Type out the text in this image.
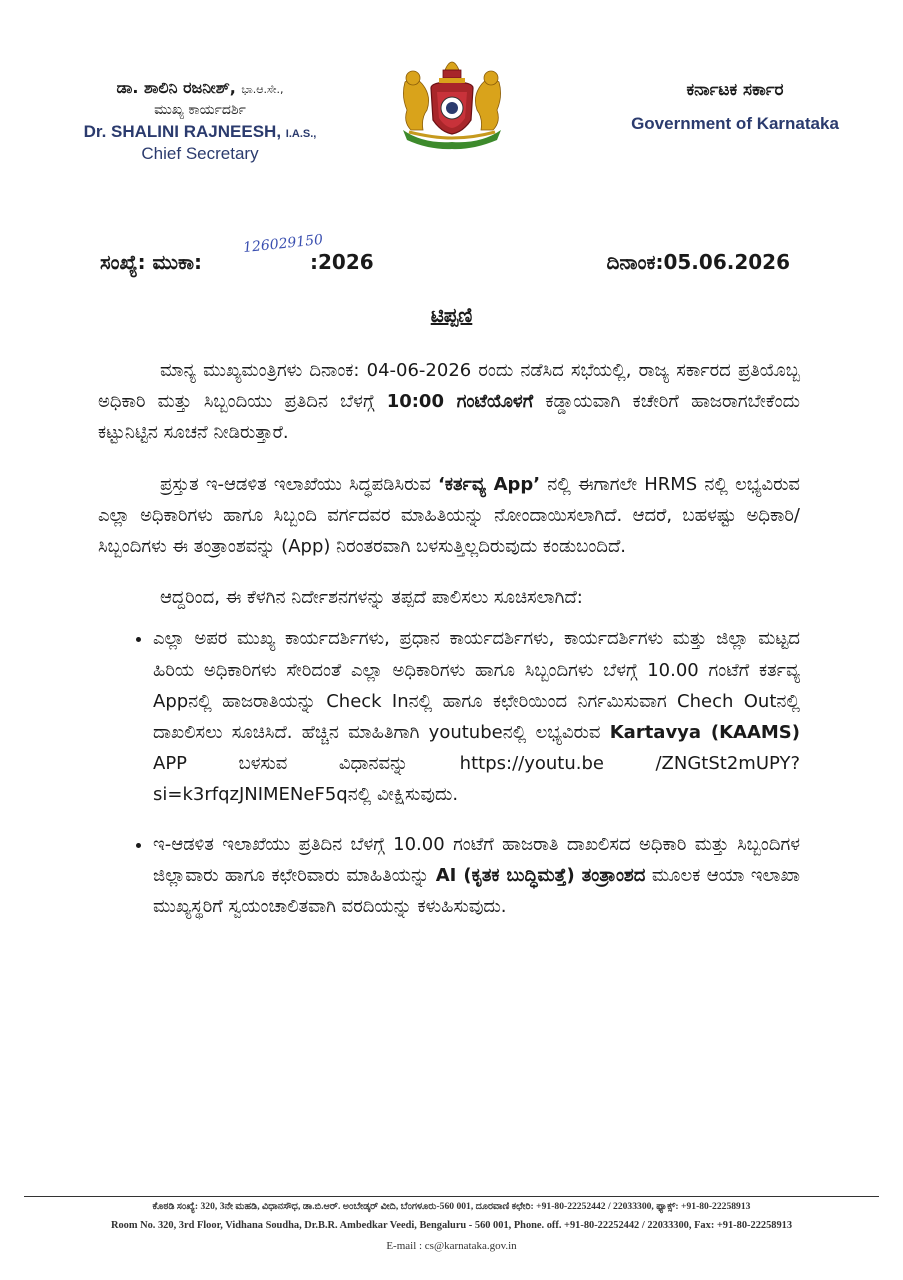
ಡಾ. ಶಾಲಿನಿ ರಜನೀಶ್, ಭಾ.ಆ.ಸೇ.,
ಮುಖ್ಯ ಕಾರ್ಯದರ್ಶಿ
Dr. SHALINI RAJNEESH, I.A.S.,
Chief Secretary
ಕರ್ನಾಟಕ ಸರ್ಕಾರ
Government of Karnataka
ಸಂಖ್ಯೆ: ಮುಕಾ:
126029150
:2026	ದಿನಾಂಕ:05.06.2026
ಟಿಪ್ಪಣಿ

ಮಾನ್ಯ ಮುಖ್ಯಮಂತ್ರಿಗಳು ದಿನಾಂಕ: 04-06-2026 ರಂದು ನಡೆಸಿದ ಸಭೆಯಲ್ಲಿ, ರಾಜ್ಯ ಸರ್ಕಾರದ ಪ್ರತಿಯೊಬ್ಬ ಅಧಿಕಾರಿ ಮತ್ತು ಸಿಬ್ಬಂದಿಯು ಪ್ರತಿದಿನ ಬೆಳಗ್ಗೆ 10:00 ಗಂಟೆಯೊಳಗೆ ಕಡ್ಡಾಯವಾಗಿ ಕಚೇರಿಗೆ ಹಾಜರಾಗಬೇಕೆಂದು ಕಟ್ಟುನಿಟ್ಟಿನ ಸೂಚನೆ ನೀಡಿರುತ್ತಾರೆ.

ಪ್ರಸ್ತುತ ಇ-ಆಡಳಿತ ಇಲಾಖೆಯು ಸಿದ್ಧಪಡಿಸಿರುವ ‘ಕರ್ತವ್ಯ App’ ನಲ್ಲಿ ಈಗಾಗಲೇ HRMS ನಲ್ಲಿ ಲಭ್ಯವಿರುವ ಎಲ್ಲಾ ಅಧಿಕಾರಿಗಳು ಹಾಗೂ ಸಿಬ್ಬಂದಿ ವರ್ಗದವರ ಮಾಹಿತಿಯನ್ನು ನೋಂದಾಯಿಸಲಾಗಿದೆ. ಆದರೆ, ಬಹಳಷ್ಟು ಅಧಿಕಾರಿ/ಸಿಬ್ಬಂದಿಗಳು ಈ ತಂತ್ರಾಂಶವನ್ನು (App) ನಿರಂತರವಾಗಿ ಬಳಸುತ್ತಿಲ್ಲದಿರುವುದು ಕಂಡುಬಂದಿದೆ.

ಆದ್ದರಿಂದ, ಈ ಕೆಳಗಿನ ನಿರ್ದೇಶನಗಳನ್ನು ತಪ್ಪದೆ ಪಾಲಿಸಲು ಸೂಚಿಸಲಾಗಿದೆ:

• ಎಲ್ಲಾ ಅಪರ ಮುಖ್ಯ ಕಾರ್ಯದರ್ಶಿಗಳು, ಪ್ರಧಾನ ಕಾರ್ಯದರ್ಶಿಗಳು, ಕಾರ್ಯದರ್ಶಿಗಳು ಮತ್ತು ಜಿಲ್ಲಾ ಮಟ್ಟದ ಹಿರಿಯ ಅಧಿಕಾರಿಗಳು ಸೇರಿದಂತೆ ಎಲ್ಲಾ ಅಧಿಕಾರಿಗಳು ಹಾಗೂ ಸಿಬ್ಬಂದಿಗಳು ಬೆಳಗ್ಗೆ 10.00 ಗಂಟೆಗೆ ಕರ್ತವ್ಯ Appನಲ್ಲಿ ಹಾಜರಾತಿಯನ್ನು Check Inನಲ್ಲಿ ಹಾಗೂ ಕಛೇರಿಯಿಂದ ನಿರ್ಗಮಿಸುವಾಗ Chech Outನಲ್ಲಿ ದಾಖಲಿಸಲು ಸೂಚಿಸಿದೆ. ಹೆಚ್ಚಿನ ಮಾಹಿತಿಗಾಗಿ youtubeನಲ್ಲಿ ಲಭ್ಯವಿರುವ Kartavya (KAAMS) APP ಬಳಸುವ ವಿಧಾನವನ್ನು https://youtu.be /ZNGtSt2mUPY?si=k3rfqzJNIMENeF5qನಲ್ಲಿ ವೀಕ್ಷಿಸುವುದು.
• ಇ-ಆಡಳಿತ ಇಲಾಖೆಯು ಪ್ರತಿದಿನ ಬೆಳಗ್ಗೆ 10.00 ಗಂಟೆಗೆ ಹಾಜರಾತಿ ದಾಖಲಿಸದ ಅಧಿಕಾರಿ ಮತ್ತು ಸಿಬ್ಬಂದಿಗಳ ಜಿಲ್ಲಾವಾರು ಹಾಗೂ ಕಛೇರಿವಾರು ಮಾಹಿತಿಯನ್ನು AI (ಕೃತಕ ಬುದ್ಧಿಮತ್ತೆ) ತಂತ್ರಾಂಶದ ಮೂಲಕ ಆಯಾ ಇಲಾಖಾ ಮುಖ್ಯಸ್ಥರಿಗೆ ಸ್ವಯಂಚಾಲಿತವಾಗಿ ವರದಿಯನ್ನು ಕಳುಹಿಸುವುದು.
ಕೊಠಡಿ ಸಂಖ್ಯೆ: 320, 3ನೇ ಮಹಡಿ, ವಿಧಾನಸೌಧ, ಡಾ.ಬಿ.ಆರ್. ಅಂಬೇಡ್ಕರ್ ವೀದಿ, ಬೆಂಗಳೂರು-560 001, ದೂರವಾಣಿ ಕಛೇರಿ: +91-80-22252442 / 22033300, ಫ್ಯಾಕ್ಸ್: +91-80-22258913
Room No. 320, 3rd Floor, Vidhana Soudha, Dr.B.R. Ambedkar Veedi, Bengaluru - 560 001, Phone. off. +91-80-22252442 / 22033300, Fax: +91-80-22258913
E-mail : cs@karnataka.gov.in
